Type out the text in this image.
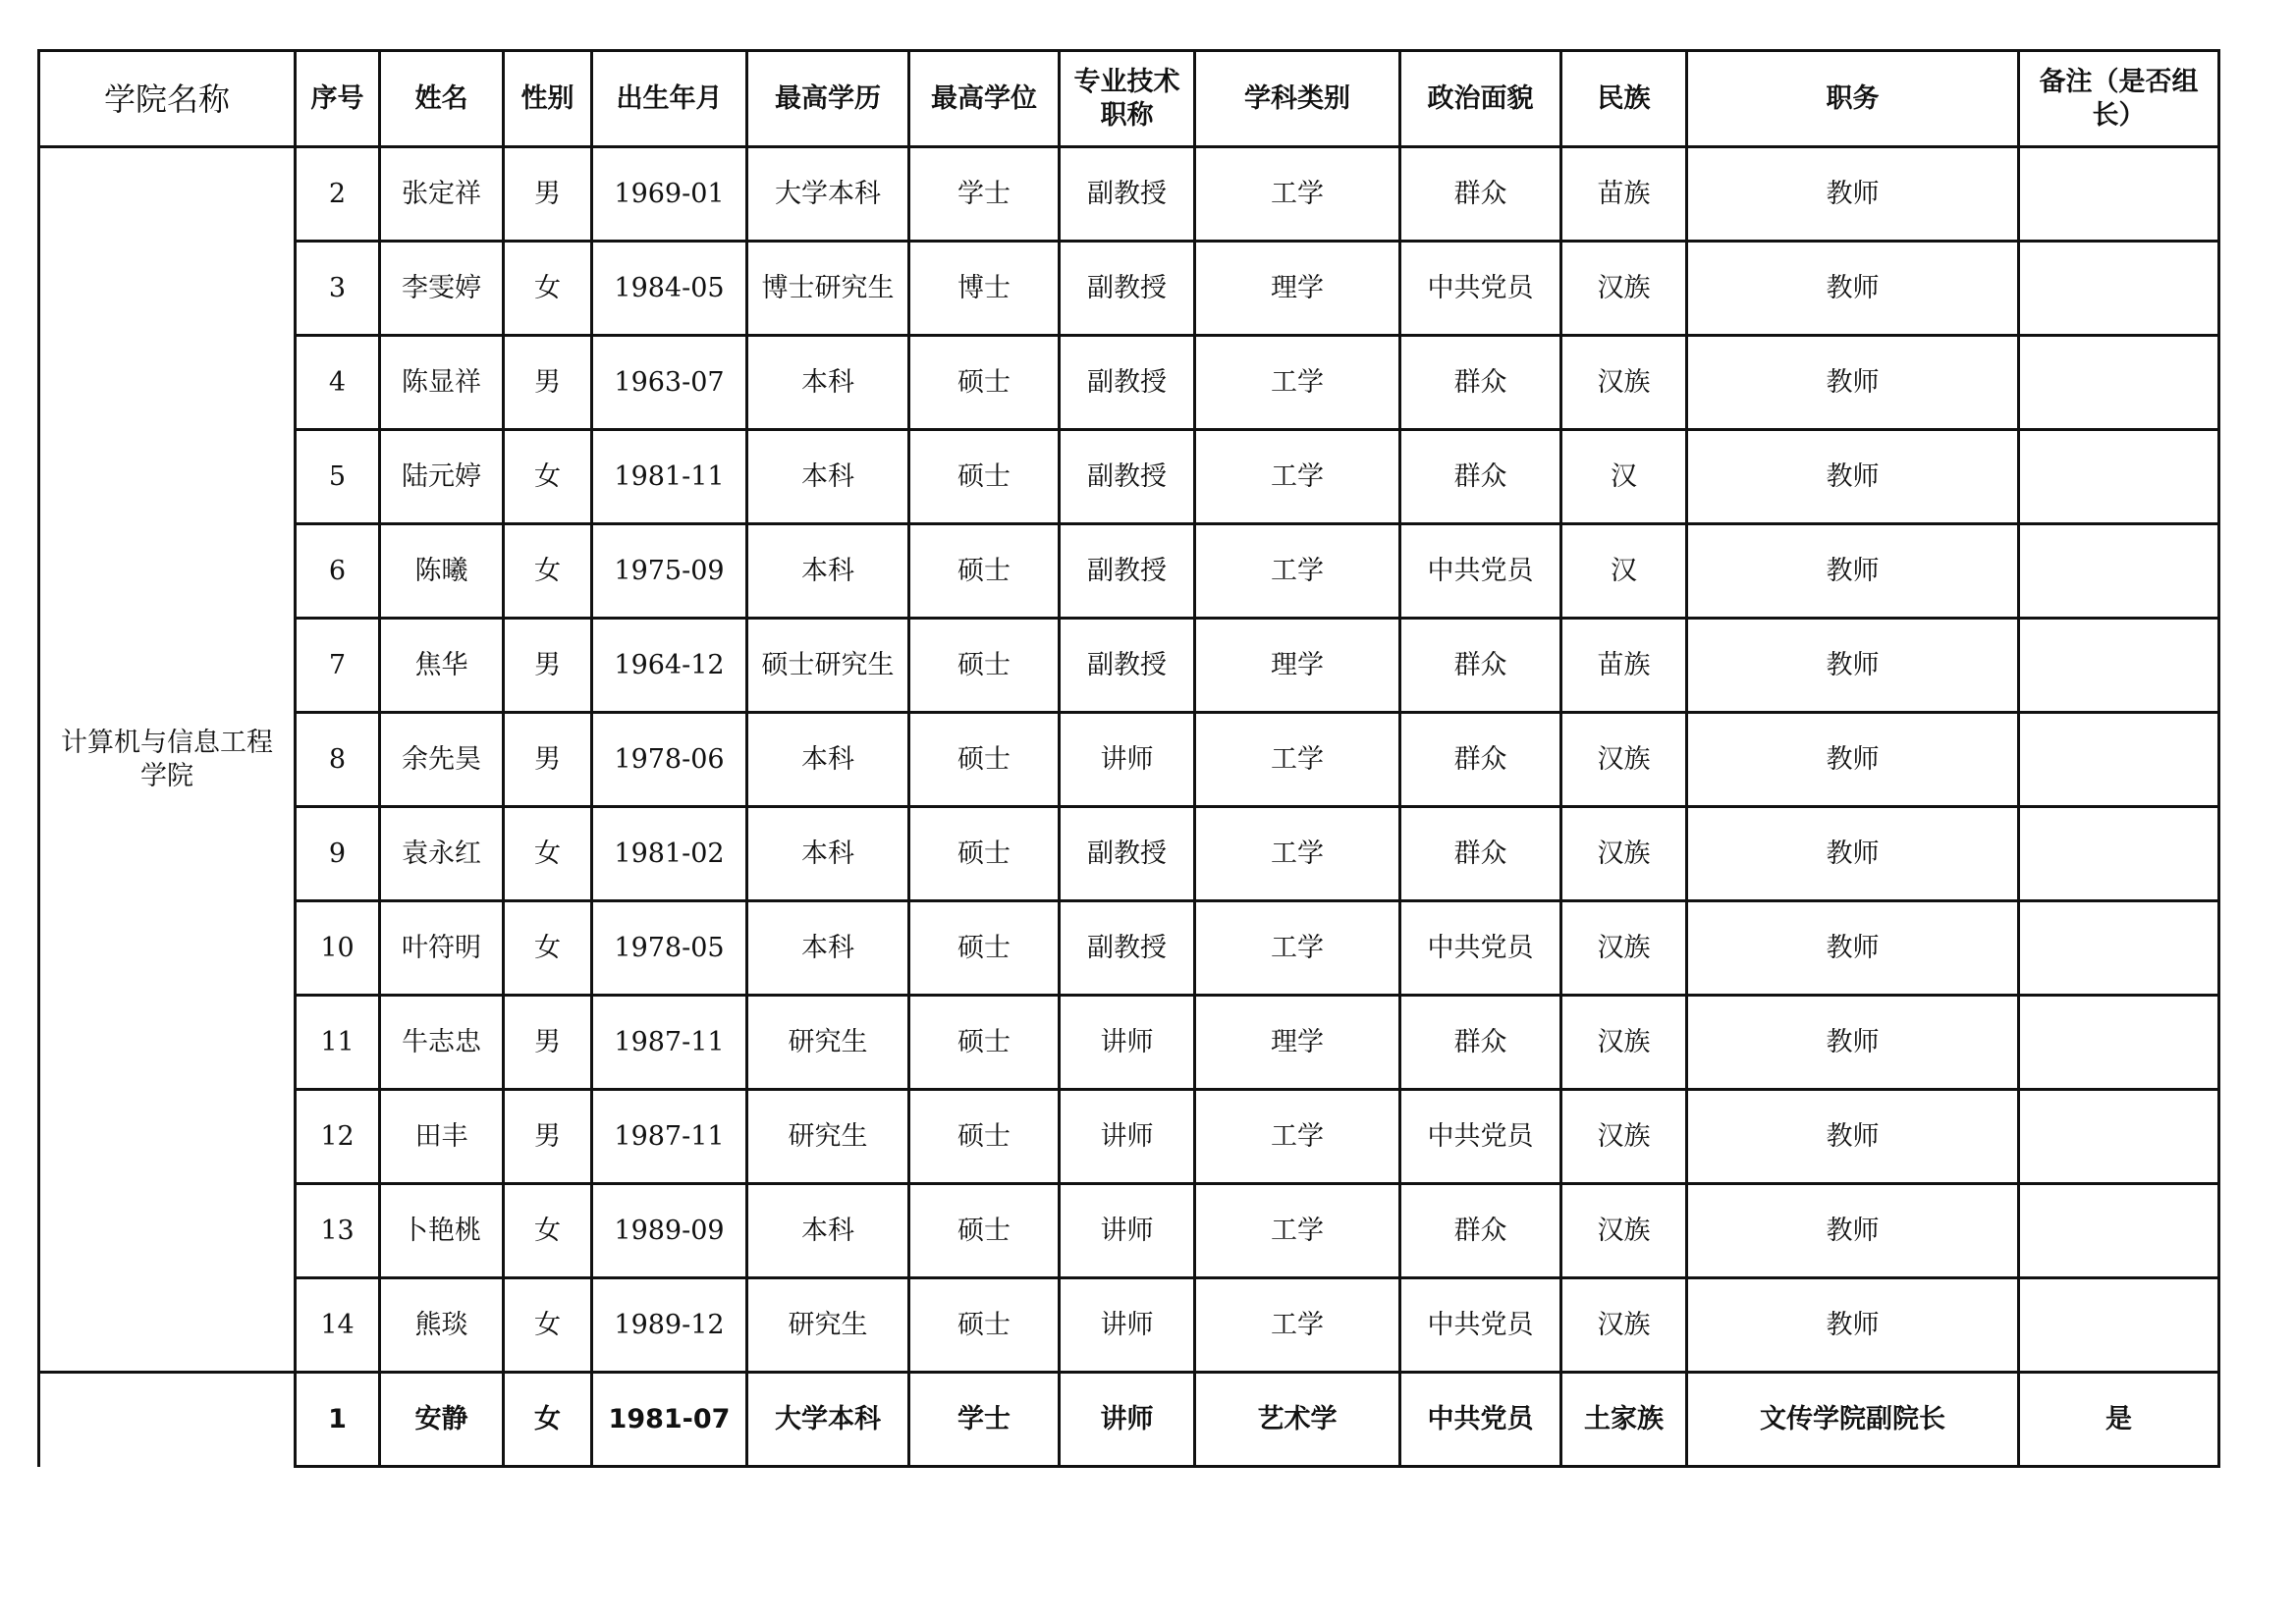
学院名称	序号	姓名	性别	出生年月	最高学历	最高学位	专业技术
职称	学科类别	政治面貌	民族	职务	备注（是否组
长）
计算机与信息工程
学院	2	张定祥	男	1969-01	大学本科	学士	副教授	工学	群众	苗族	教师	
	3	李雯婷	女	1984-05	博士研究生	博士	副教授	理学	中共党员	汉族	教师	
	4	陈显祥	男	1963-07	本科	硕士	副教授	工学	群众	汉族	教师	
	5	陆元婷	女	1981-11	本科	硕士	副教授	工学	群众	汉	教师	
	6	陈曦	女	1975-09	本科	硕士	副教授	工学	中共党员	汉	教师	
	7	焦华	男	1964-12	硕士研究生	硕士	副教授	理学	群众	苗族	教师	
	8	余先昊	男	1978-06	本科	硕士	讲师	工学	群众	汉族	教师	
	9	袁永红	女	1981-02	本科	硕士	副教授	工学	群众	汉族	教师	
	10	叶符明	女	1978-05	本科	硕士	副教授	工学	中共党员	汉族	教师	
	11	牛志忠	男	1987-11	研究生	硕士	讲师	理学	群众	汉族	教师	
	12	田丰	男	1987-11	研究生	硕士	讲师	工学	中共党员	汉族	教师	
	13	卜艳桃	女	1989-09	本科	硕士	讲师	工学	群众	汉族	教师	
	14	熊琰	女	1989-12	研究生	硕士	讲师	工学	中共党员	汉族	教师	
	1	安静	女	1981-07	大学本科	学士	讲师	艺术学	中共党员	土家族	文传学院副院长	是
